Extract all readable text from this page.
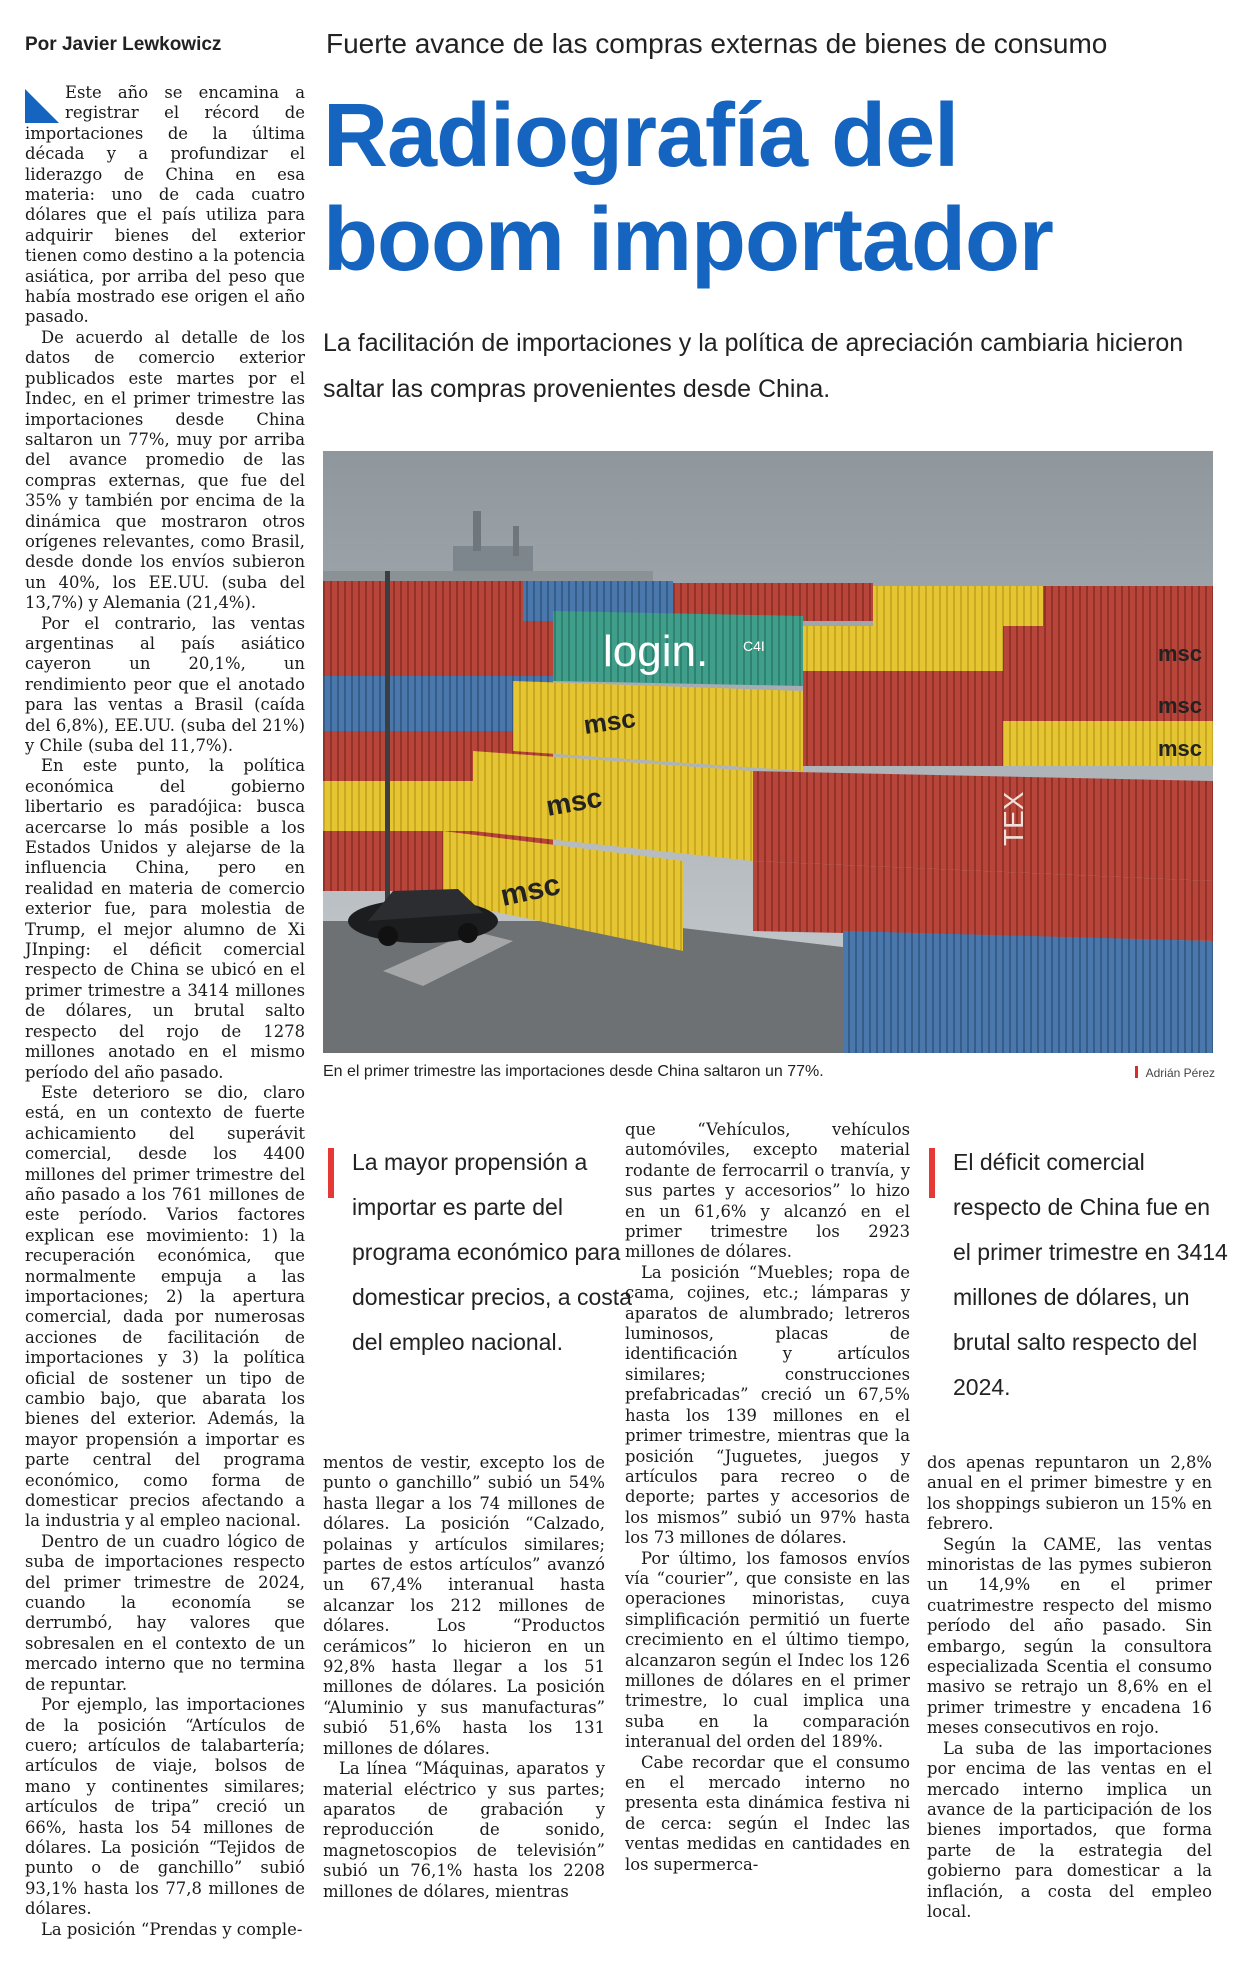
Por Javier Lewkowicz	Fuerte avance de las compras externas de bienes de consumo
Radiografía del
boom importador
La facilitación de importaciones y la política de apreciación cambiaria hicieron saltar las compras provenientes desde China.

Este año se encamina a registrar el récord de importaciones de la última década y a profundizar el liderazgo de China en esa materia: uno de cada cuatro dólares que el país utiliza para adquirir bienes del exterior tienen como destino a la potencia asiática, por arriba del peso que había mostrado ese origen el año pasado.

De acuerdo al detalle de los datos de comercio exterior publicados este martes por el Indec, en el primer trimestre las importaciones desde China saltaron un 77%, muy por arriba del avance promedio de las compras externas, que fue del 35% y también por encima de la dinámica que mostraron otros orígenes relevantes, como Brasil, desde donde los envíos subieron un 40%, los EE.UU. (suba del 13,7%) y Alemania (21,4%).

Por el contrario, las ventas argentinas al país asiático cayeron un 20,1%, un rendimiento peor que el anotado para las ventas a Brasil (caída del 6,8%), EE.UU. (suba del 21%) y Chile (suba del 11,7%).

En este punto, la política económica del gobierno libertario es paradójica: busca acercarse lo más posible a los Estados Unidos y alejarse de la influencia China, pero en realidad en materia de comercio exterior fue, para molestia de Trump, el mejor alumno de Xi JInping: el déficit comercial respecto de China se ubicó en el primer trimestre a 3414 millones de dólares, un brutal salto respecto del rojo de 1278 millones anotado en el mismo período del año pasado.

Este deterioro se dio, claro está, en un contexto de fuerte achicamiento del superávit comercial, desde los 4400 millones del primer trimestre del año pasado a los 761 millones de este período. Varios factores explican ese movimiento: 1) la recuperación económica, que normalmente empuja a las importaciones; 2) la apertura comercial, dada por numerosas acciones de facilitación de importaciones y 3) la política oficial de sostener un tipo de cambio bajo, que abarata los bienes del exterior. Además, la mayor propensión a importar es parte central del programa económico, como forma de domesticar precios afectando a la industria y al empleo nacional.

Dentro de un cuadro lógico de suba de importaciones respecto del primer trimestre de 2024, cuando la economía se derrumbó, hay valores que sobresalen en el contexto de un mercado interno que no termina de repuntar.

Por ejemplo, las importaciones de la posición “Artículos de cuero; artículos de talabartería; artículos de viaje, bolsos de mano y continentes similares; artículos de tripa” creció un 66%, hasta los 54 millones de dólares. La posición “Tejidos de punto o de ganchillo” subió 93,1% hasta los 77,8 millones de dólares.

La posición “Prendas y comple-

login.
msc
msc
msc
msc
msc
msc
C4I
TEX
En el primer trimestre las importaciones desde China saltaron un 77%.	Adrián Pérez
La mayor propensión a importar es parte del programa económico para domesticar precios, a costa del empleo nacional.
El déficit comercial respecto de China fue en el primer trimestre en 3414 millones de dólares, un brutal salto respecto del 2024.

mentos de vestir, excepto los de punto o ganchillo” subió un 54% hasta llegar a los 74 millones de dólares. La posición “Calzado, polainas y artículos similares; partes de estos artículos” avanzó un 67,4% interanual hasta alcanzar los 212 millones de dólares. Los “Productos cerámicos” lo hicieron en un 92,8% hasta llegar a los 51 millones de dólares. La posición “Aluminio y sus manufacturas” subió 51,6% hasta los 131 millones de dólares.

La línea “Máquinas, aparatos y material eléctrico y sus partes; aparatos de grabación y reproducción de sonido, magnetoscopios de televisión” subió un 76,1% hasta los 2208 millones de dólares, mientras

que “Vehículos, vehículos automóviles, excepto material rodante de ferrocarril o tranvía, y sus partes y accesorios” lo hizo en un 61,6% y alcanzó en el primer trimestre los 2923 millones de dólares.

La posición “Muebles; ropa de cama, cojines, etc.; lámparas y aparatos de alumbrado; letreros luminosos, placas de identificación y artículos similares; construcciones prefabricadas” creció un 67,5% hasta los 139 millones en el primer trimestre, mientras que la posición “Juguetes, juegos y artículos para recreo o de deporte; partes y accesorios de los mismos” subió un 97% hasta los 73 millones de dólares.

Por último, los famosos envíos vía “courier”, que consiste en las operaciones minoristas, cuya simplificación permitió un fuerte crecimiento en el último tiempo, alcanzaron según el Indec los 126 millones de dólares en el primer trimestre, lo cual implica una suba en la comparación interanual del orden del 189%.

Cabe recordar que el consumo en el mercado interno no presenta esta dinámica festiva ni de cerca: según el Indec las ventas medidas en cantidades en los supermerca-

dos apenas repuntaron un 2,8% anual en el primer bimestre y en los shoppings subieron un 15% en febrero.

Según la CAME, las ventas minoristas de las pymes subieron un 14,9% en el primer cuatrimestre respecto del mismo período del año pasado. Sin embargo, según la consultora especializada Scentia el consumo masivo se retrajo un 8,6% en el primer trimestre y encadena 16 meses consecutivos en rojo.

La suba de las importaciones por encima de las ventas en el mercado interno implica un avance de la participación de los bienes importados, que forma parte de la estrategia del gobierno para domesticar a la inflación, a costa del empleo local.
